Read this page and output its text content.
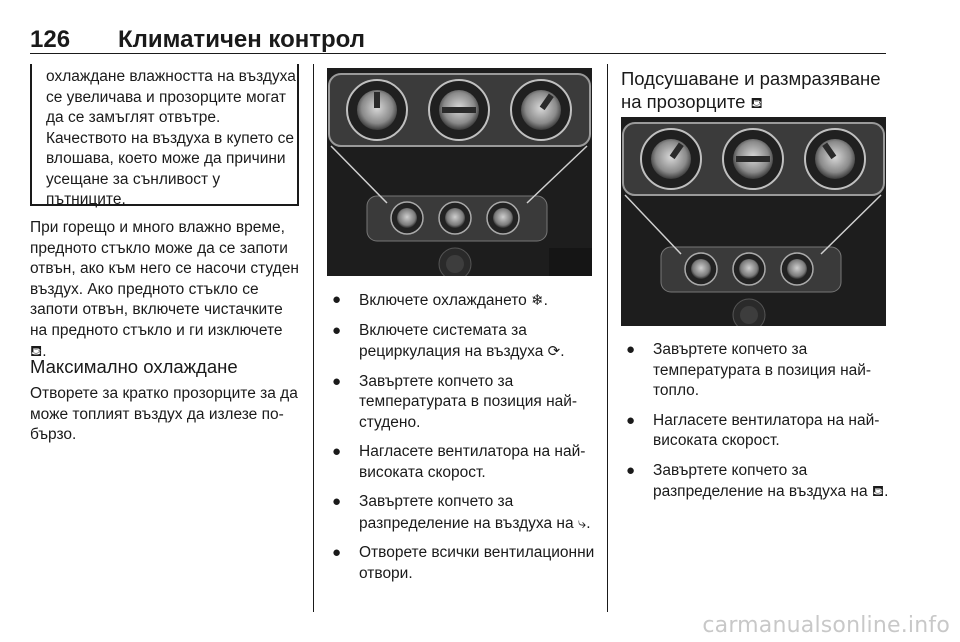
126 Климатичен контрол
охлаждане влажността на въздуха се увеличава и прозорците могат да се замъглят отвътре. Качеството на въздуха в купето се влошава, което може да причини усещане за сънливост у пътниците.
При горещо и много влажно време, предното стъкло може да се запоти отвън, ако към него се насочи студен въздух. Ако предното стъкло се запоти отвън, включете чистачките на предното стъкло и ги изключете ⛾.
Максимално охлаждане
Отворете за кратко прозорците за да може топлият въздух да излезе по-бързо.
● Включете охлаждането ❄.
● Включете системата за рециркулация на въздуха ⟳.
● Завъртете копчето за температурата в позиция най-студено.
● Нагласете вентилатора на най-високата скорост.
● Завъртете копчето за разпределение на въздуха на ⤷.
● Отворете всички вентилационни отвори.
Подсушаване и размразяване на прозорците ⛾
● Завъртете копчето за температурата в позиция най-топло.
● Нагласете вентилатора на най-високата скорост.
● Завъртете копчето за разпределение на въздуха на ⛾.
carmanualsonline.info
